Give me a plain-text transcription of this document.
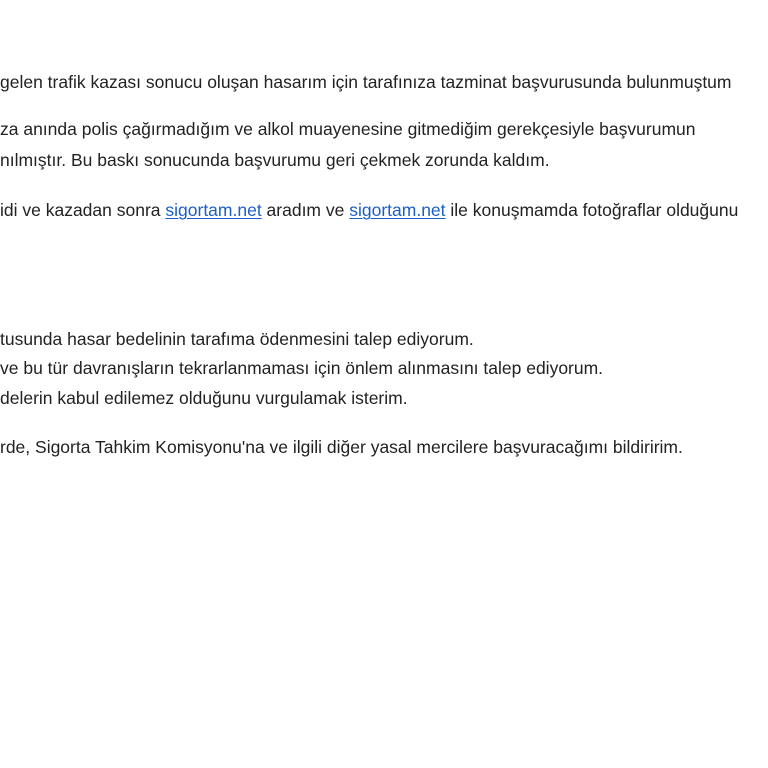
gelen trafik kazası sonucu oluşan hasarım için tarafınıza tazminat başvurusunda bulunmuştum
za anında polis çağırmadığım ve alkol muayenesine gitmediğim gerekçesiyle başvurumun
nılmıştır. Bu baskı sonucunda başvurumu geri çekmek zorunda kaldım.
idi ve kazadan sonra sigortam.net aradım ve sigortam.net ile konuşmamda fotoğraflar olduğunu
tusunda hasar bedelinin tarafıma ödenmesini talep ediyorum.
ve bu tür davranışların tekrarlanmaması için önlem alınmasını talep ediyorum.
delerin kabul edilemez olduğunu vurgulamak isterim.
rde, Sigorta Tahkim Komisyonu'na ve ilgili diğer yasal mercilere başvuracağımı bildiririm.
